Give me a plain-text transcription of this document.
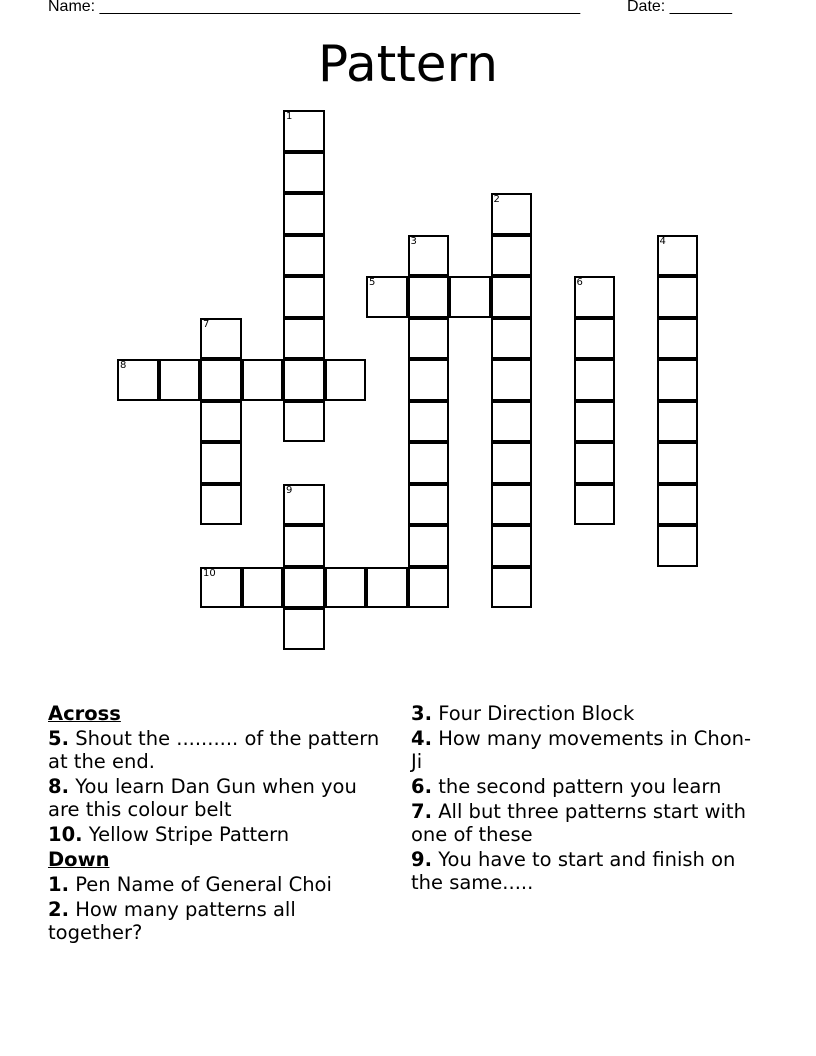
Name: ______________________________________________________	Date: _______
Pattern
1
2
3	4
5	6
7
8
9
10
Across
5. Shout the .......... of the pattern at the end.
8. You learn Dan Gun when you are this colour belt
10. Yellow Stripe Pattern
Down
1. Pen Name of General Choi
2. How many patterns all together?
3. Four Direction Block
4. How many movements in Chon-Ji
6. the second pattern you learn
7. All but three patterns start with one of these
9. You have to start and finish on the same.....
